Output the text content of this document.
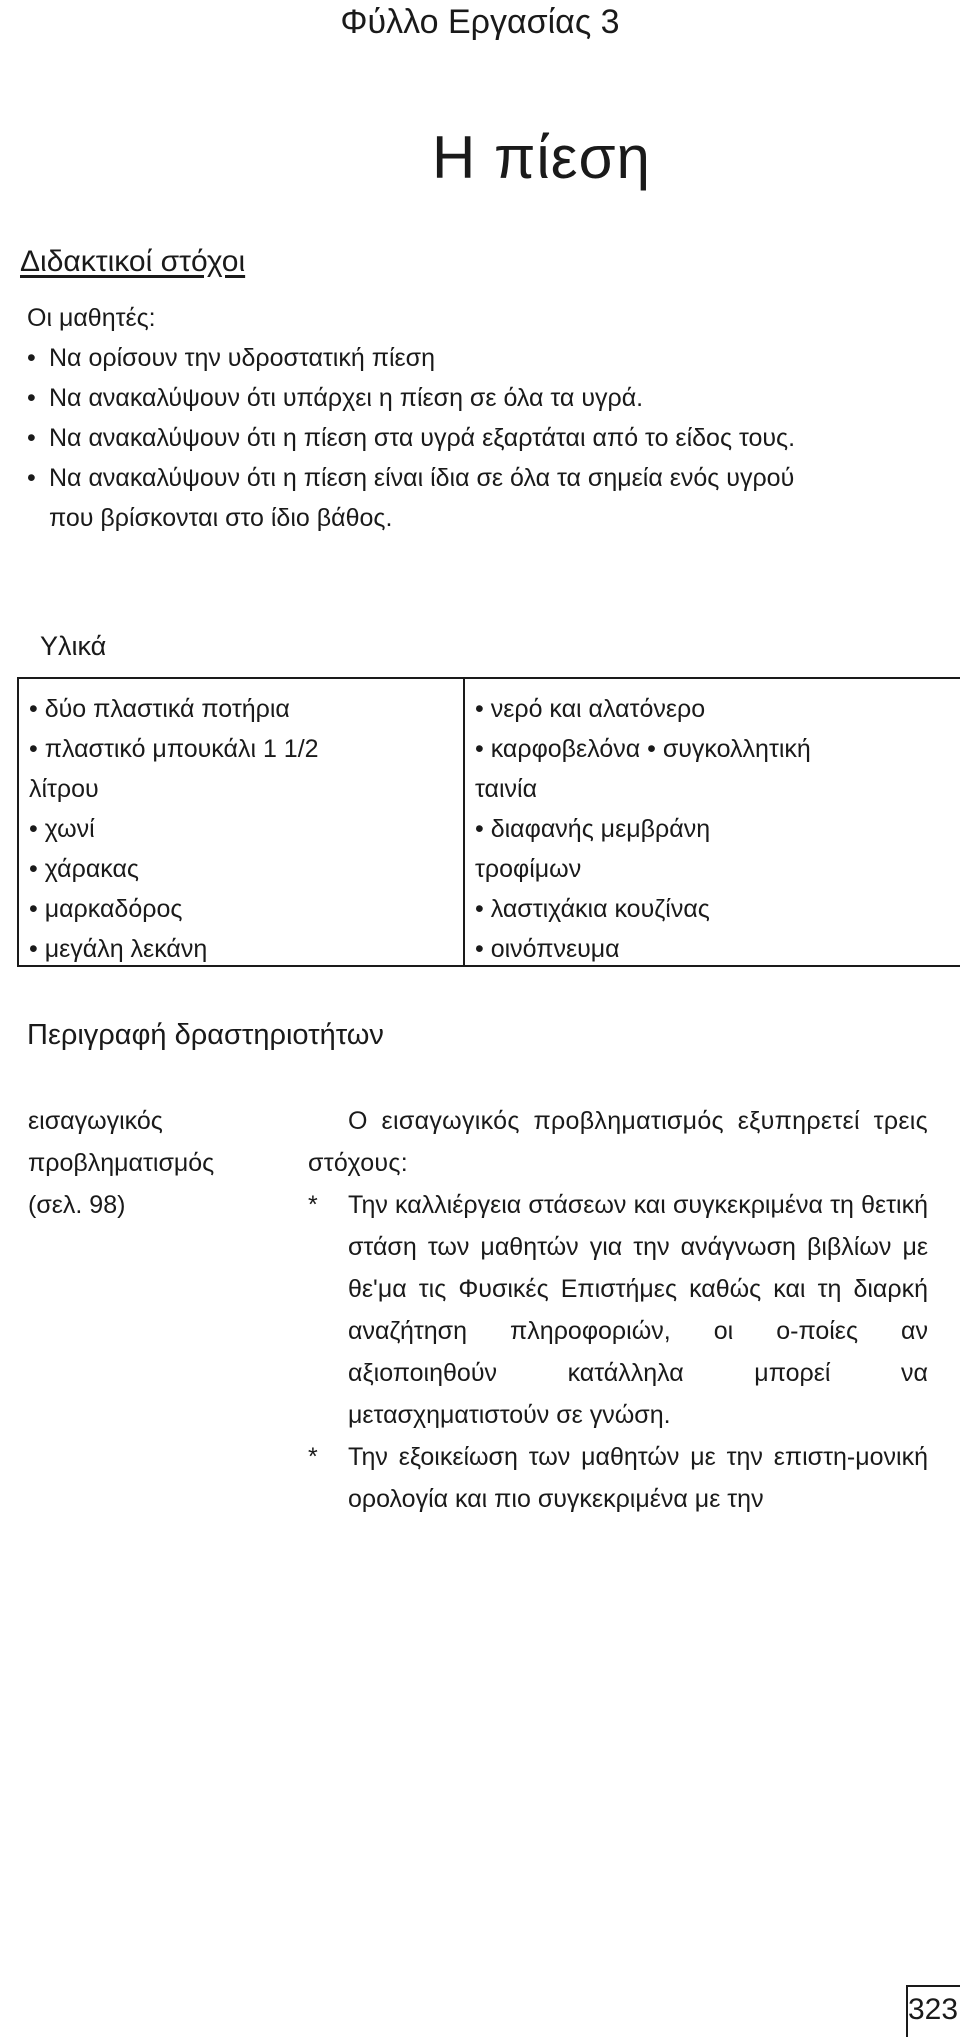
Φύλλο Εργασίας 3
Η πίεση
Διδακτικοί στόχοι
Οι μαθητές:
• Να ορίσουν την υδροστατική πίεση
• Να ανακαλύψουν ότι υπάρχει η πίεση σε όλα τα υγρά.
• Να ανακαλύψουν ότι η πίεση στα υγρά εξαρτάται από το είδος τους.
• Να ανακαλύψουν ότι η πίεση είναι ίδια σε όλα τα σημεία ενός υγρού
που βρίσκονται στο ίδιο βάθος.
Υλικά
• δύο πλαστικά ποτήρια
• πλαστικό μπουκάλι 1 1/2
λίτρου
• χωνί
• χάρακας
• μαρκαδόρος
• μεγάλη λεκάνη
• νερό και αλατόνερο
• καρφοβελόνα • συγκολλητική
ταινία
• διαφανής μεμβράνη
τροφίμων
• λαστιχάκια κουζίνας
• οινόπνευμα
Περιγραφή δραστηριοτήτων
εισαγωγικός
προβληματισμός
(σελ. 98)

Ο εισαγωγικός προβληματισμός εξυπηρετεί τρεις στόχους:

* Την καλλιέργεια στάσεων και συγκεκριμένα τη θετική στάση των μαθητών για την ανάγνωση βιβλίων με θε'μα τις Φυσικές Επιστήμες καθώς και τη διαρκή αναζήτηση πληροφοριών, οι ο-ποίες αν αξιοποιηθούν κατάλληλα μπορεί να μετασχηματιστούν σε γνώση.

* Την εξοικείωση των μαθητών με την επιστη-μονική ορολογία και πιο συγκεκριμένα με την

323
